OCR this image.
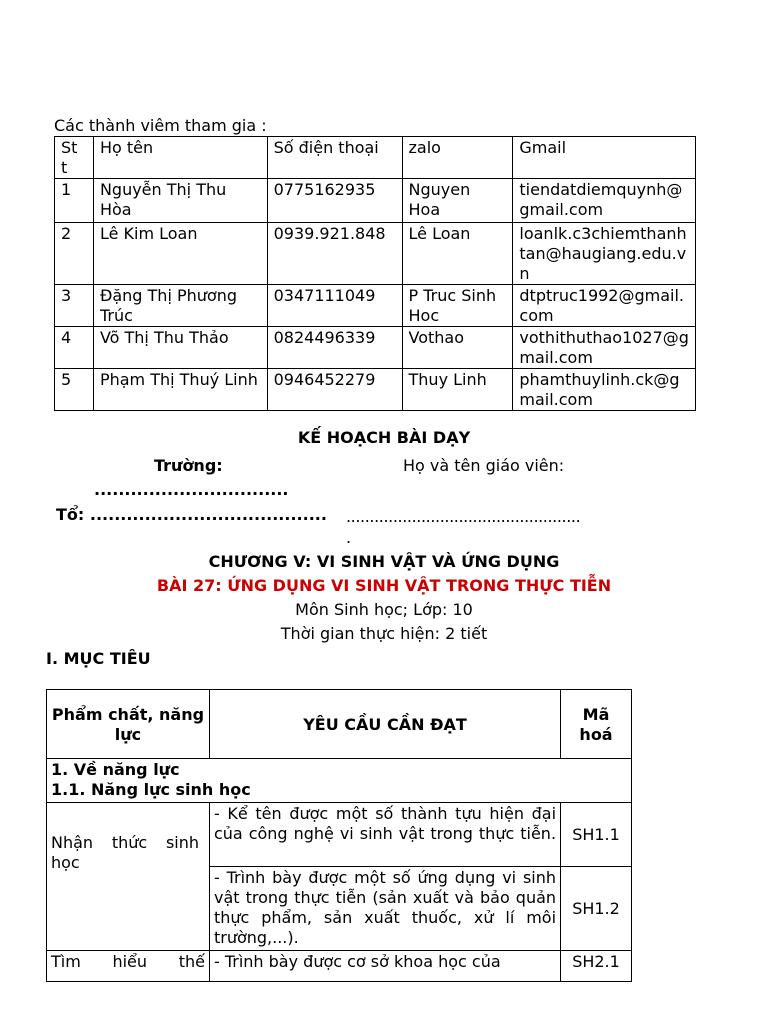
Các thành viêm tham gia :
St t	Họ tên	Số điện thoại	zalo	Gmail
1	Nguyễn Thị Thu Hòa	0775162935	Nguyen Hoa	tiendatdiemquynh@gmail.com
2	Lê Kim Loan	0939.921.848	Lê Loan	loanlk.c3chiemthanhtan@haugiang.edu.vn
3	Đặng Thị Phương Trúc	0347111049	P Truc Sinh Hoc	dtptruc1992@gmail.com
4	Võ Thị Thu Thảo	0824496339	Vothao	vothithuthao1027@gmail.com
5	Phạm Thị Thuý Linh	0946452279	Thuy Linh	phamthuylinh.ck@gmail.com
KẾ HOẠCH BÀI DẠY
Trường:	Họ và tên giáo viên:
................................
Tổ: ....................................... ..................................................
.
CHƯƠNG V: VI SINH VẬT VÀ ỨNG DỤNG
BÀI 27: ỨNG DỤNG VI SINH VẬT TRONG THỰC TIỄN
Môn Sinh học; Lớp: 10
Thời gian thực hiện: 2 tiết
I. MỤC TIÊU
Phẩm chất, năng lực	YÊU CẦU CẦN ĐẠT	Mã hoá

1. Về năng lực
1.1. Năng lực sinh học		

Nhận thức sinh học	- Kể tên được một số thành tựu hiện đại của công nghệ vi sinh vật trong thực tiễn.	SH1.1
	- Trình bày được một số ứng dụng vi sinh vật trong thực tiễn (sản xuất và bảo quản thực phẩm, sản xuất thuốc, xử lí môi trường,...).	SH1.2
Tìm hiểu thế	- Trình bày được cơ sở khoa học của	SH2.1
